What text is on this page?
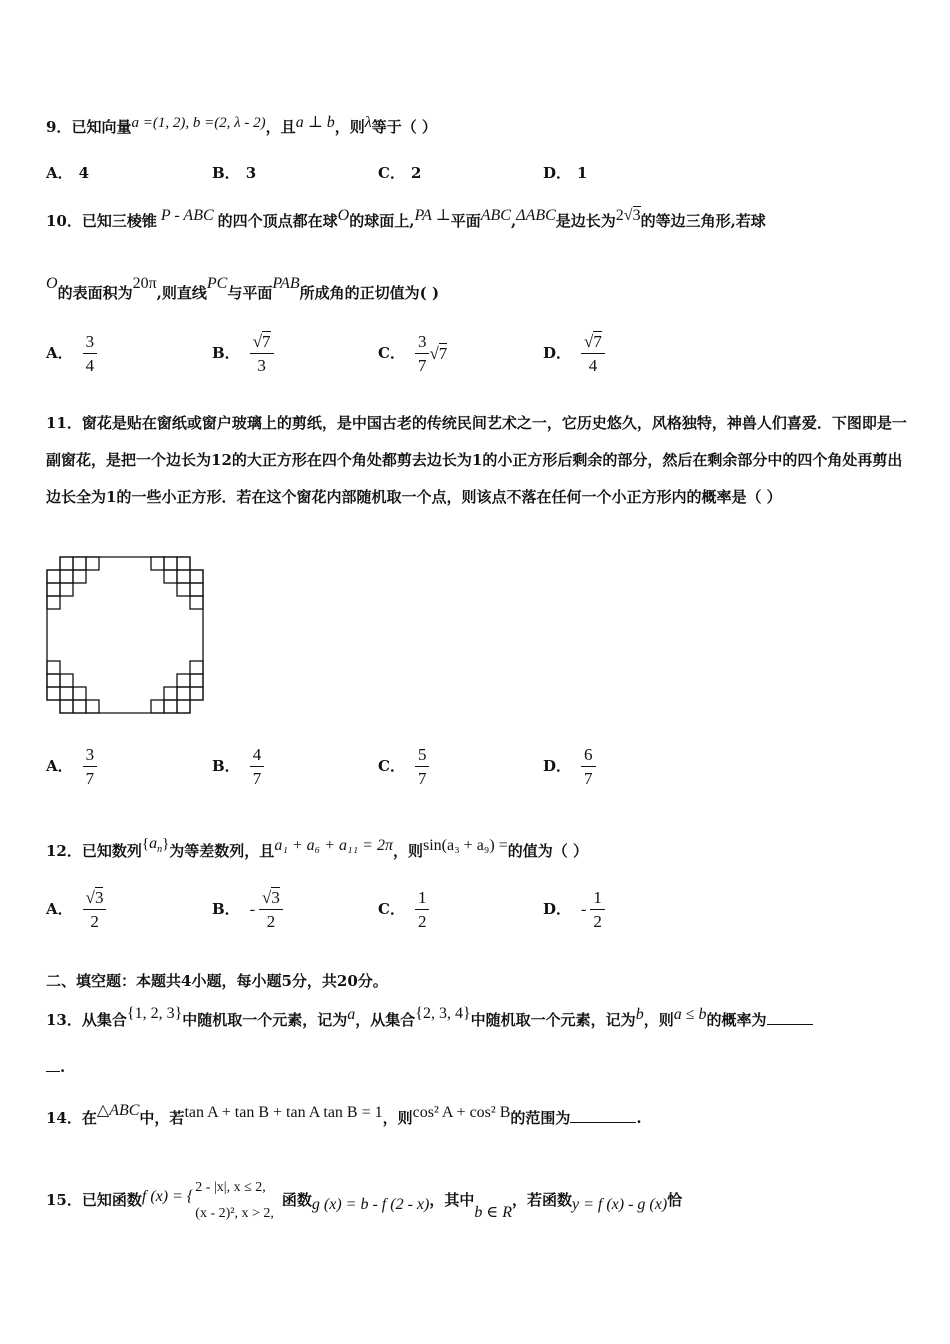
9．已知向量a =(1, 2), b =(2, λ - 2)，且a ⊥ b，则λ等于（ ）
A． 4	B． 3	C． 2	D． 1
10．已知三棱锥 P - ABC 的四个顶点都在球O的球面上,PA ⊥平面ABC,ΔABC是边长为2√3的等边三角形,若球
O的表面积为20π,则直线PC与平面PAB所成角的正切值为( )
A． $\frac{3}{4}$	B． $\frac{√7}{3}$	C． $\frac{3}{7} √7$	D． $\frac{√7}{4}$
11．窗花是贴在窗纸或窗户玻璃上的剪纸，是中国古老的传统民间艺术之一，它历史悠久，风格独特，神兽人们喜爱．下图即是一副窗花，是把一个边长为12的大正方形在四个角处都剪去边长为1的小正方形后剩余的部分，然后在剩余部分中的四个角处再剪出边长全为1的一些小正方形．若在这个窗花内部随机取一个点，则该点不落在任何一个小正方形内的概率是（ ）
A． $\frac{3}{7}$	B． $\frac{4}{7}$	C． $\frac{5}{7}$	D． $\frac{6}{7}$
12．已知数列$\{a_n\}$为等差数列，且a₁ + a₆ + a₁₁ = 2π，则sin(a₃ + a₉) =的值为（ ）
A． $\frac{√3}{2}$	B． - $\frac{√3}{2}$	C． $\frac{1}{2}$	D． - $\frac{1}{2}$
二、填空题：本题共4小题，每小题5分，共20分。
13．从集合{1, 2, 3}中随机取一个元素，记为a，从集合{2, 3, 4}中随机取一个元素，记为b，则a ≤ b的概率为
.
14．在△ABC中，若tan A + tan B + tan A tan B = 1，则cos² A + cos² B的范围为	.
15．已知函数f (x) = {
2 - |x|, x ≤ 2,
(x - 2)², x > 2,
函数g (x) = b - f (2 - x)，其中b ∈ R，若函数y = f (x) - g (x)恰
